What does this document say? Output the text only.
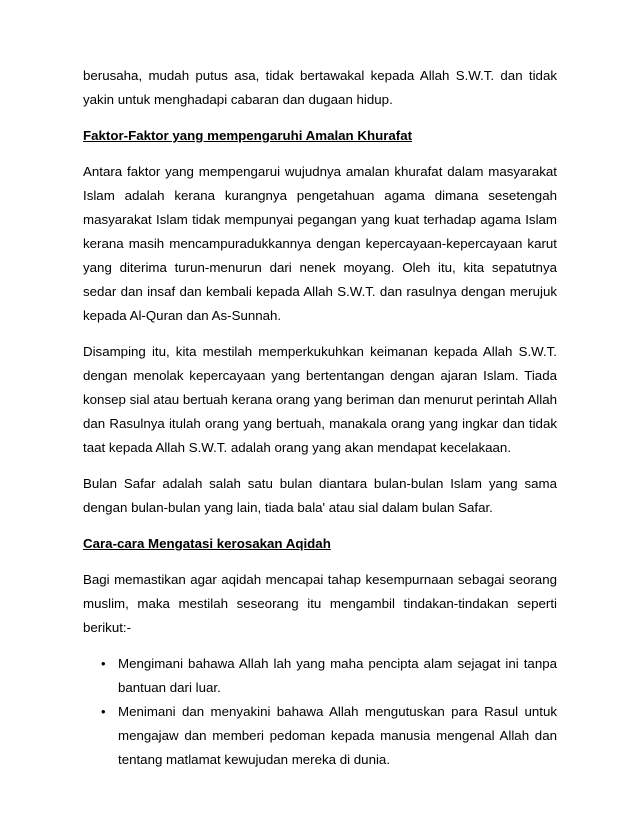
berusaha, mudah putus asa, tidak bertawakal kepada Allah S.W.T. dan tidak yakin untuk menghadapi cabaran dan dugaan hidup.

Faktor-Faktor yang mempengaruhi Amalan Khurafat

Antara faktor yang mempengarui wujudnya amalan khurafat dalam masyarakat Islam adalah kerana kurangnya pengetahuan agama dimana sesetengah masyarakat Islam tidak mempunyai pegangan yang kuat terhadap agama Islam kerana masih mencampuradukkannya dengan kepercayaan-kepercayaan karut yang diterima turun-menurun dari nenek moyang. Oleh itu, kita sepatutnya sedar dan insaf dan kembali kepada Allah S.W.T. dan rasulnya dengan merujuk kepada Al-Quran dan As-Sunnah.

Disamping itu, kita mestilah memperkukuhkan keimanan kepada Allah S.W.T. dengan menolak kepercayaan yang bertentangan dengan ajaran Islam. Tiada konsep sial atau bertuah kerana orang yang beriman dan menurut perintah Allah dan Rasulnya itulah orang yang bertuah, manakala orang yang ingkar dan tidak taat kepada Allah S.W.T. adalah orang yang akan mendapat kecelakaan.

Bulan Safar adalah salah satu bulan diantara bulan-bulan Islam yang sama dengan bulan-bulan yang lain, tiada bala' atau sial dalam bulan Safar.

Cara-cara Mengatasi kerosakan Aqidah

Bagi memastikan agar aqidah mencapai tahap kesempurnaan sebagai seorang muslim, maka mestilah seseorang itu mengambil tindakan-tindakan seperti berikut:-

• Mengimani bahawa Allah lah yang maha pencipta alam sejagat ini tanpa bantuan dari luar.
• Menimani dan menyakini bahawa Allah mengutuskan para Rasul untuk mengajaw dan memberi pedoman kepada manusia mengenal Allah dan tentang matlamat kewujudan mereka di dunia.
